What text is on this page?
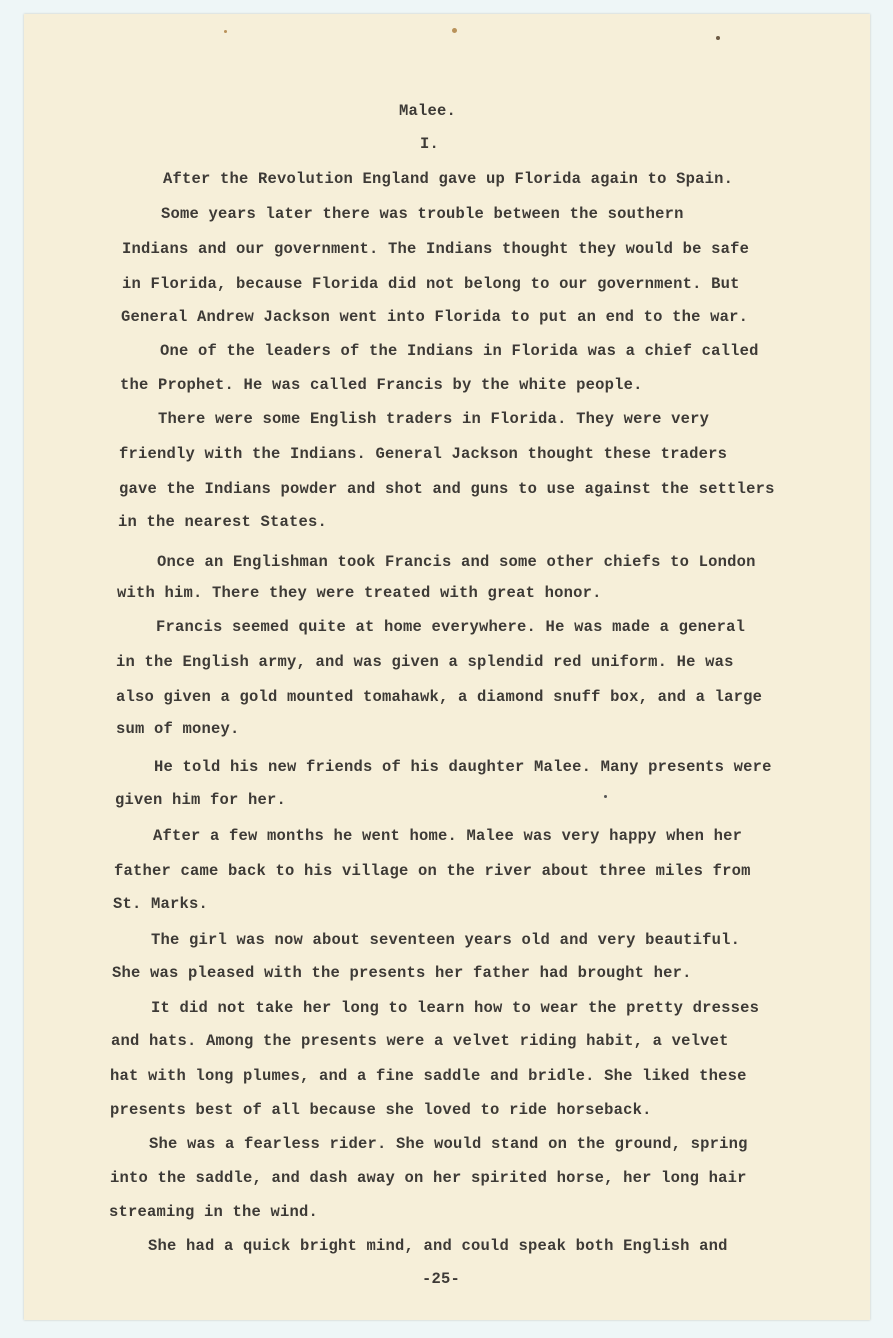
Malee.
I.
After the Revolution England gave up Florida again to Spain.
Some years later there was trouble between the southern
Indians and our government. The Indians thought they would be safe
in Florida, because Florida did not belong to our government. But
General Andrew Jackson went into Florida to put an end to the war.
One of the leaders of the Indians in Florida was a chief called
the Prophet. He was called Francis by the white people.
There were some English traders in Florida. They were very
friendly with the Indians. General Jackson thought these traders
gave the Indians powder and shot and guns to use against the settlers
in the nearest States.
Once an Englishman took Francis and some other chiefs to London
with him. There they were treated with great honor.
Francis seemed quite at home everywhere. He was made a general
in the English army, and was given a splendid red uniform. He was
also given a gold mounted tomahawk, a diamond snuff box, and a large
sum of money.
He told his new friends of his daughter Malee. Many presents were
given him for her.
After a few months he went home. Malee was very happy when her
father came back to his village on the river about three miles from
St. Marks.
The girl was now about seventeen years old and very beautiful.
She was pleased with the presents her father had brought her.
It did not take her long to learn how to wear the pretty dresses
and hats. Among the presents were a velvet riding habit, a velvet
hat with long plumes, and a fine saddle and bridle. She liked these
presents best of all because she loved to ride horseback.
She was a fearless rider. She would stand on the ground, spring
into the saddle, and dash away on her spirited horse, her long hair
streaming in the wind.
She had a quick bright mind, and could speak both English and
-25-
